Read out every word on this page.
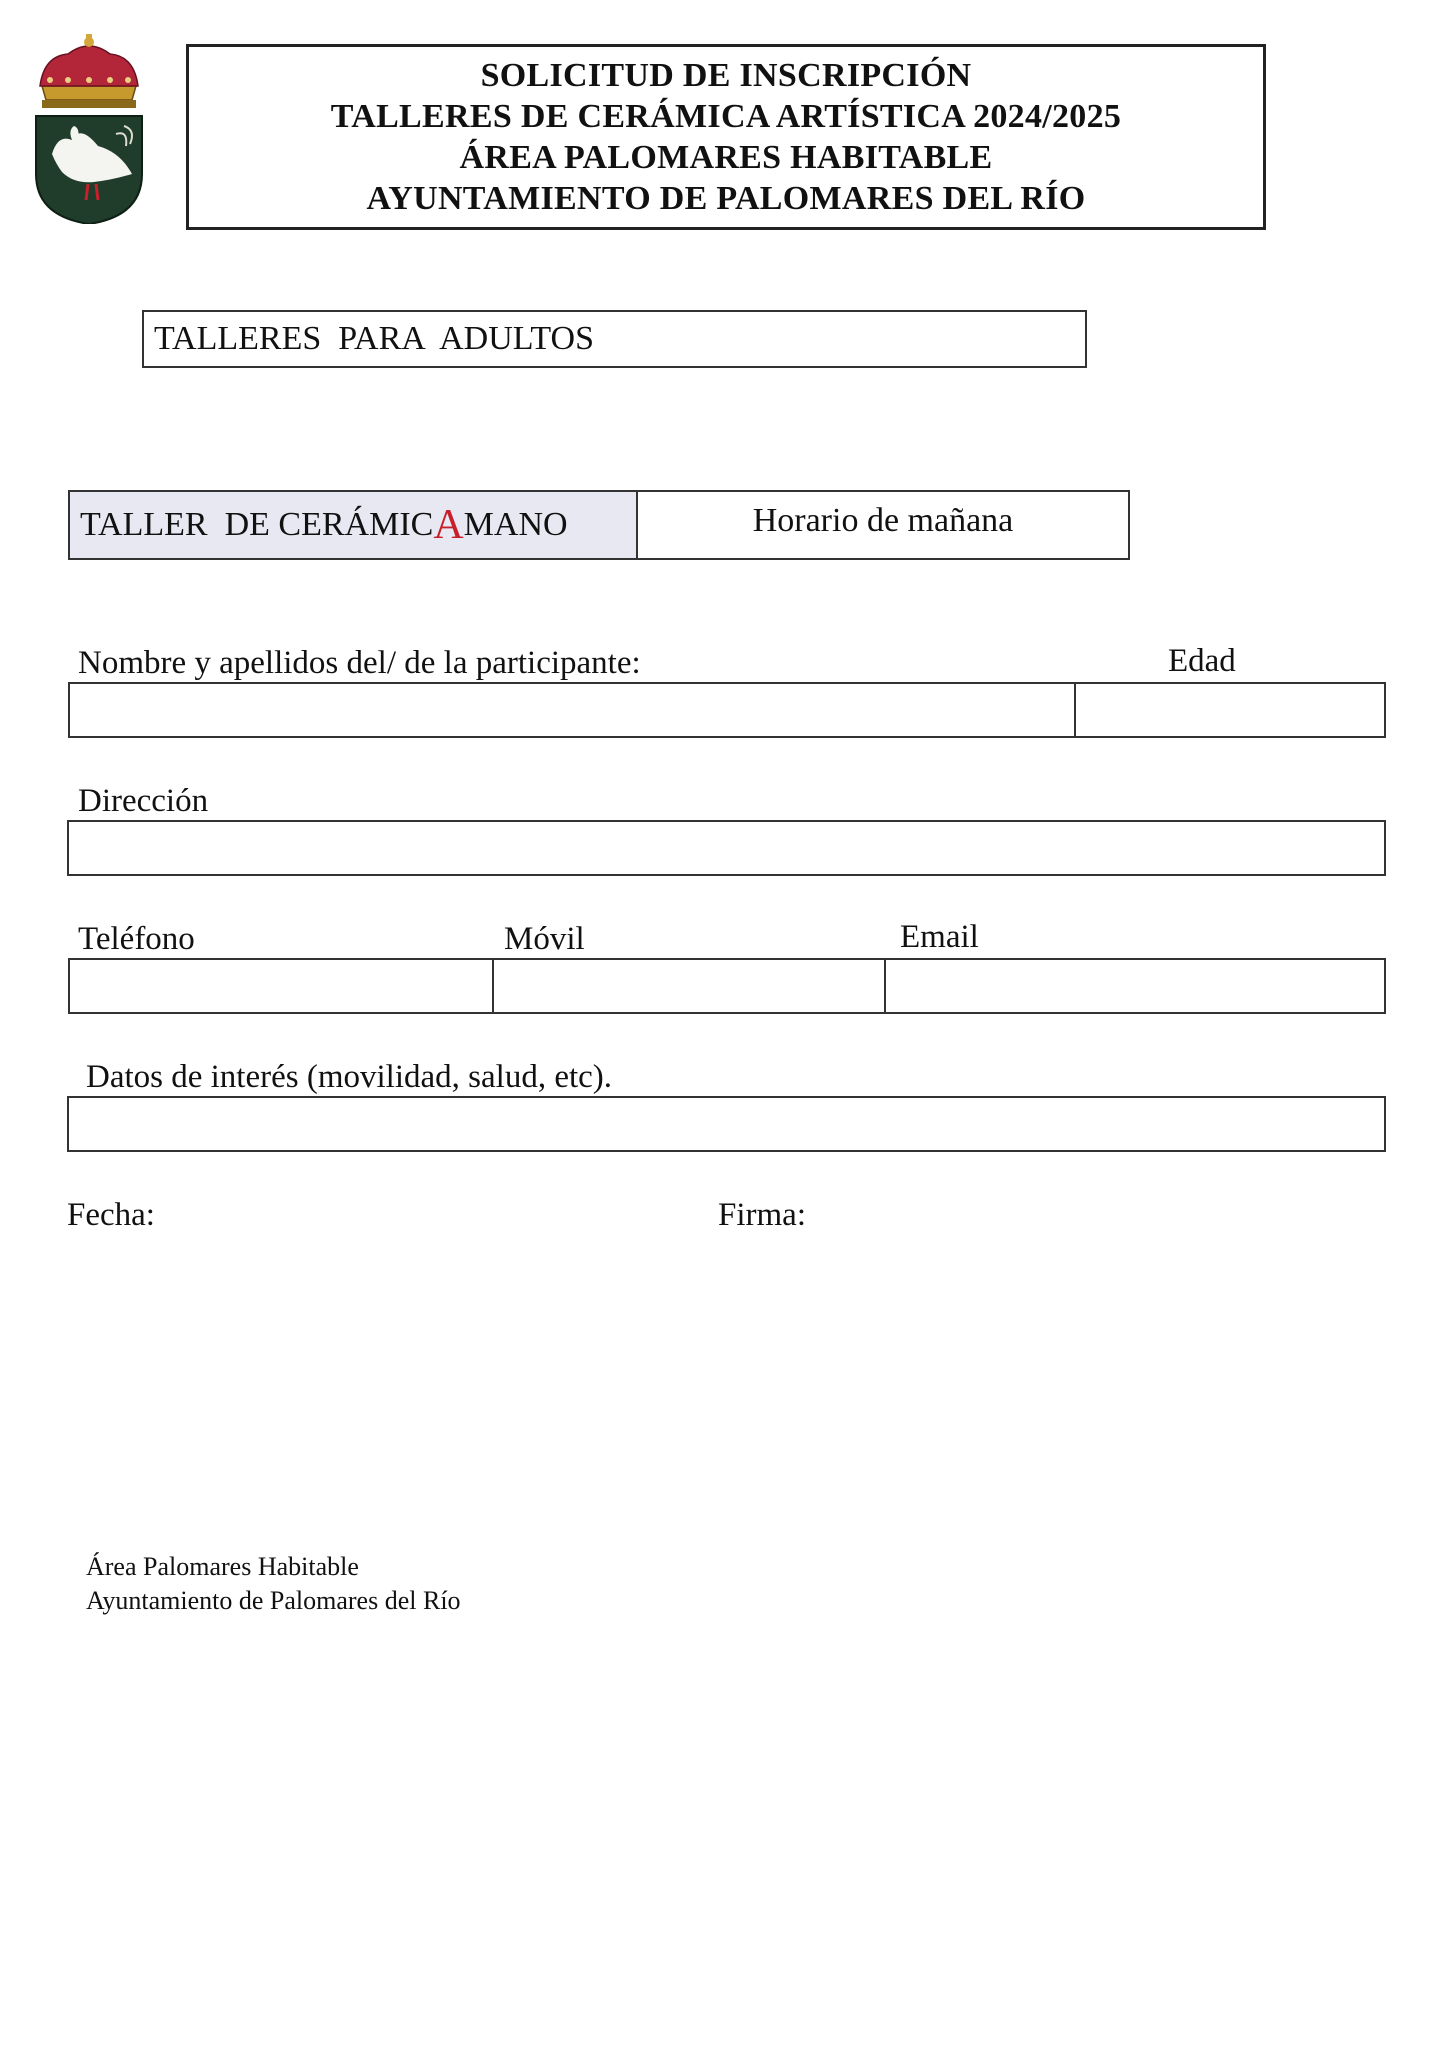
SOLICITUD DE INSCRIPCIÓN
TALLERES DE CERÁMICA ARTÍSTICA 2024/2025
ÁREA PALOMARES HABITABLE
AYUNTAMIENTO DE PALOMARES DEL RÍO
TALLERES  PARA  ADULTOS
TALLER  DE CERÁMIC A MANO	Horario de mañana
Nombre y apellidos del/ de la participante:	Edad
Dirección
Teléfono	Móvil	Email
Datos de interés (movilidad, salud, etc).
Fecha:	Firma:
Área Palomares Habitable
Ayuntamiento de Palomares del Río
